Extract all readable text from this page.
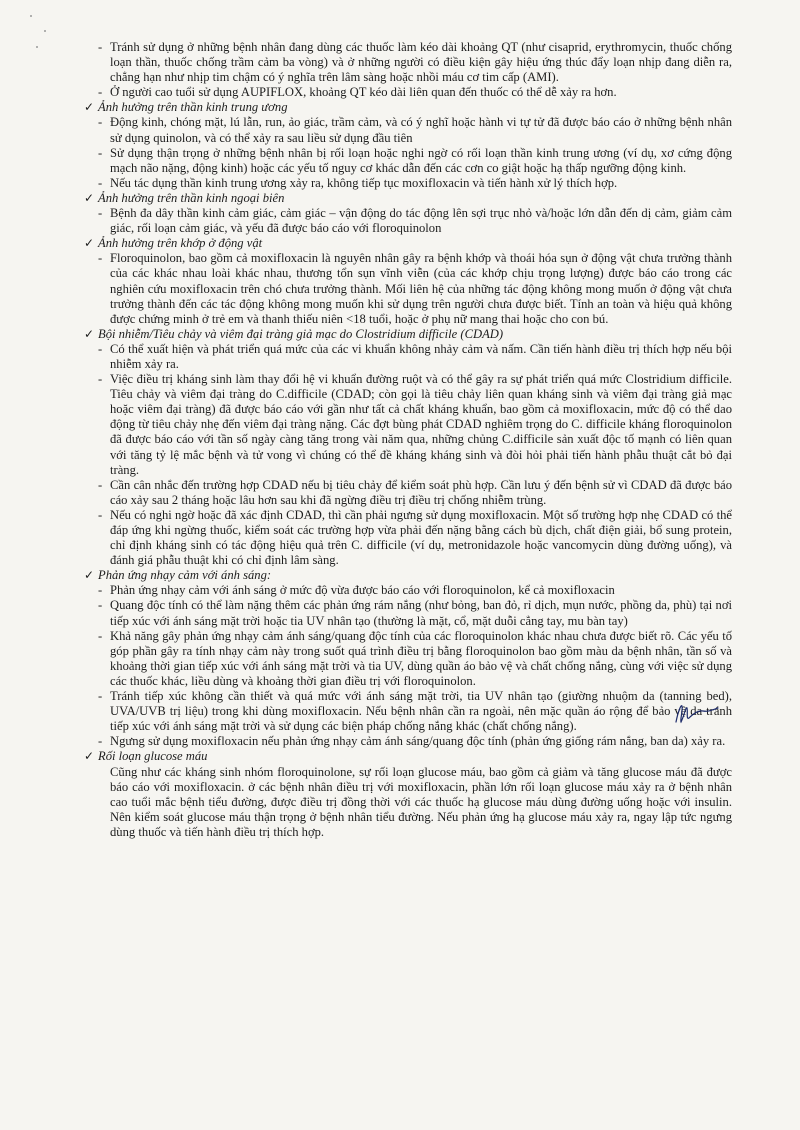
- Tránh sử dụng ở những bệnh nhân đang dùng các thuốc làm kéo dài khoảng QT (như cisaprid, erythromycin, thuốc chống loạn thần, thuốc chống trầm cảm ba vòng) và ở những người có điều kiện gây hiệu ứng thúc đẩy loạn nhịp đang diễn ra, chẳng hạn như nhịp tim chậm có ý nghĩa trên lâm sàng hoặc nhồi máu cơ tim cấp (AMI).

- Ở người cao tuổi sử dụng AUPIFLOX, khoảng QT kéo dài liên quan đến thuốc có thể dễ xảy ra hơn.

✓ Ảnh hưởng trên thần kinh trung ương

- Động kinh, chóng mặt, lú lẫn, run, ảo giác, trầm cảm, và có ý nghĩ hoặc hành vi tự tử đã được báo cáo ở những bệnh nhân sử dụng quinolon, và có thể xảy ra sau liều sử dụng đầu tiên

- Sử dụng thận trọng ở những bệnh nhân bị rối loạn hoặc nghi ngờ có rối loạn thần kinh trung ương (ví dụ, xơ cứng động mạch não nặng, động kinh) hoặc các yếu tố nguy cơ khác dẫn đến các cơn co giật hoặc hạ thấp ngưỡng động kinh.

- Nếu tác dụng thần kinh trung ương xảy ra, không tiếp tục moxifloxacin và tiến hành xử lý thích hợp.

✓ Ảnh hưởng trên thần kinh ngoại biên

- Bệnh đa dây thần kinh cảm giác, cảm giác – vận động do tác động lên sợi trục nhỏ và/hoặc lớn dẫn đến dị cảm, giảm cảm giác, rối loạn cảm giác, và yếu đã được báo cáo với floroquinolon

✓ Ảnh hưởng trên khớp ở động vật

- Floroquinolon, bao gồm cả moxifloxacin là nguyên nhân gây ra bệnh khớp và thoái hóa sụn ở động vật chưa trưởng thành của các khác nhau loài khác nhau, thương tổn sụn vĩnh viễn (của các khớp chịu trọng lượng) được báo cáo trong các nghiên cứu moxifloxacin trên chó chưa trưởng thành. Mối liên hệ của những tác động không mong muốn ở động vật chưa trưởng thành đến các tác động không mong muốn khi sử dụng trên người chưa được biết. Tính an toàn và hiệu quả không được chứng minh ở trẻ em và thanh thiếu niên <18 tuổi, hoặc ở phụ nữ mang thai hoặc cho con bú.

✓ Bội nhiễm/Tiêu chảy và viêm đại tràng giả mạc do Clostridium difficile (CDAD)

- Có thể xuất hiện và phát triển quá mức của các vi khuẩn không nhảy cảm và nấm. Cần tiến hành điều trị thích hợp nếu bội nhiễm xảy ra.

- Việc điều trị kháng sinh làm thay đổi hệ vi khuẩn đường ruột và có thể gây ra sự phát triển quá mức Clostridium difficile. Tiêu chảy và viêm đại tràng do C.difficile (CDAD; còn gọi là tiêu chảy liên quan kháng sinh và viêm đại tràng giả mạc hoặc viêm đại tràng) đã được báo cáo với gần như tất cả chất kháng khuẩn, bao gồm cả moxifloxacin, mức độ có thể dao động từ tiêu chảy nhẹ đến viêm đại tràng nặng. Các đợt bùng phát CDAD nghiêm trọng do C. difficile kháng floroquinolon đã được báo cáo với tần số ngày càng tăng trong vài năm qua, những chủng C.difficile sản xuất độc tố mạnh có liên quan với tăng tỷ lệ mắc bệnh và tử vong vì chúng có thể đề kháng kháng sinh và đòi hỏi phải tiến hành phẫu thuật cắt bỏ đại tràng.

- Cần cân nhắc đến trường hợp CDAD nếu bị tiêu chảy để kiểm soát phù hợp. Cần lưu ý đến bệnh sử vì CDAD đã được báo cáo xảy sau 2 tháng hoặc lâu hơn sau khi đã ngừng điều trị điều trị chống nhiễm trùng.

- Nếu có nghi ngờ hoặc đã xác định CDAD, thì cần phải ngưng sử dụng moxifloxacin. Một số trường hợp nhẹ CDAD có thể đáp ứng khi ngừng thuốc, kiểm soát các trường hợp vừa phải đến nặng bằng cách bù dịch, chất điện giải, bổ sung protein, chỉ định kháng sinh có tác động hiệu quả trên C. difficile (ví dụ, metronidazole hoặc vancomycin dùng đường uống), và đánh giá phẫu thuật khi có chỉ định lâm sàng.

✓ Phản ứng nhạy cảm với ánh sáng:

- Phản ứng nhạy cảm với ánh sáng ở mức độ vừa được báo cáo với floroquinolon, kể cả moxifloxacin

- Quang độc tính có thể làm nặng thêm các phản ứng rám nắng (như bỏng, ban đỏ, rỉ dịch, mụn nước, phồng da, phù) tại nơi tiếp xúc với ánh sáng mặt trời hoặc tia UV nhân tạo (thường là mặt, cổ, mặt duỗi cẳng tay, mu bàn tay)

- Khả năng gây phản ứng nhạy cảm ánh sáng/quang độc tính của các floroquinolon khác nhau chưa được biết rõ. Các yếu tố góp phần gây ra tính nhạy cảm này trong suốt quá trình điều trị bằng floroquinolon bao gồm màu da bệnh nhân, tần số và khoảng thời gian tiếp xúc với ánh sáng mặt trời và tia UV, dùng quần áo bảo vệ và chất chống nắng, cùng với việc sử dụng các thuốc khác, liều dùng và khoảng thời gian điều trị với floroquinolon.

- Tránh tiếp xúc không cần thiết và quá mức với ánh sáng mặt trời, tia UV nhân tạo (giường nhuộm da (tanning bed), UVA/UVB trị liệu) trong khi dùng moxifloxacin. Nếu bệnh nhân cần ra ngoài, nên mặc quần áo rộng để bảo vệ da tránh tiếp xúc với ánh sáng mặt trời và sử dụng các biện pháp chống nắng khác (chất chống nắng).

- Ngưng sử dụng moxifloxacin nếu phản ứng nhạy cảm ánh sáng/quang độc tính (phản ứng giống rám nắng, ban da) xảy ra.

✓ Rối loạn glucose máu

Cũng như các kháng sinh nhóm floroquinolone, sự rối loạn glucose máu, bao gồm cả giảm và tăng glucose máu đã được báo cáo với moxifloxacin. ở các bệnh nhân điều trị với moxifloxacin, phần lớn rối loạn glucose máu xảy ra ở bệnh nhân cao tuổi mắc bệnh tiểu đường, được điều trị đồng thời với các thuốc hạ glucose máu dùng đường uống hoặc với insulin. Nên kiểm soát glucose máu thận trọng ở bệnh nhân tiểu đường. Nếu phản ứng hạ glucose máu xảy ra, ngay lập tức ngưng dùng thuốc và tiến hành điều trị thích hợp.
